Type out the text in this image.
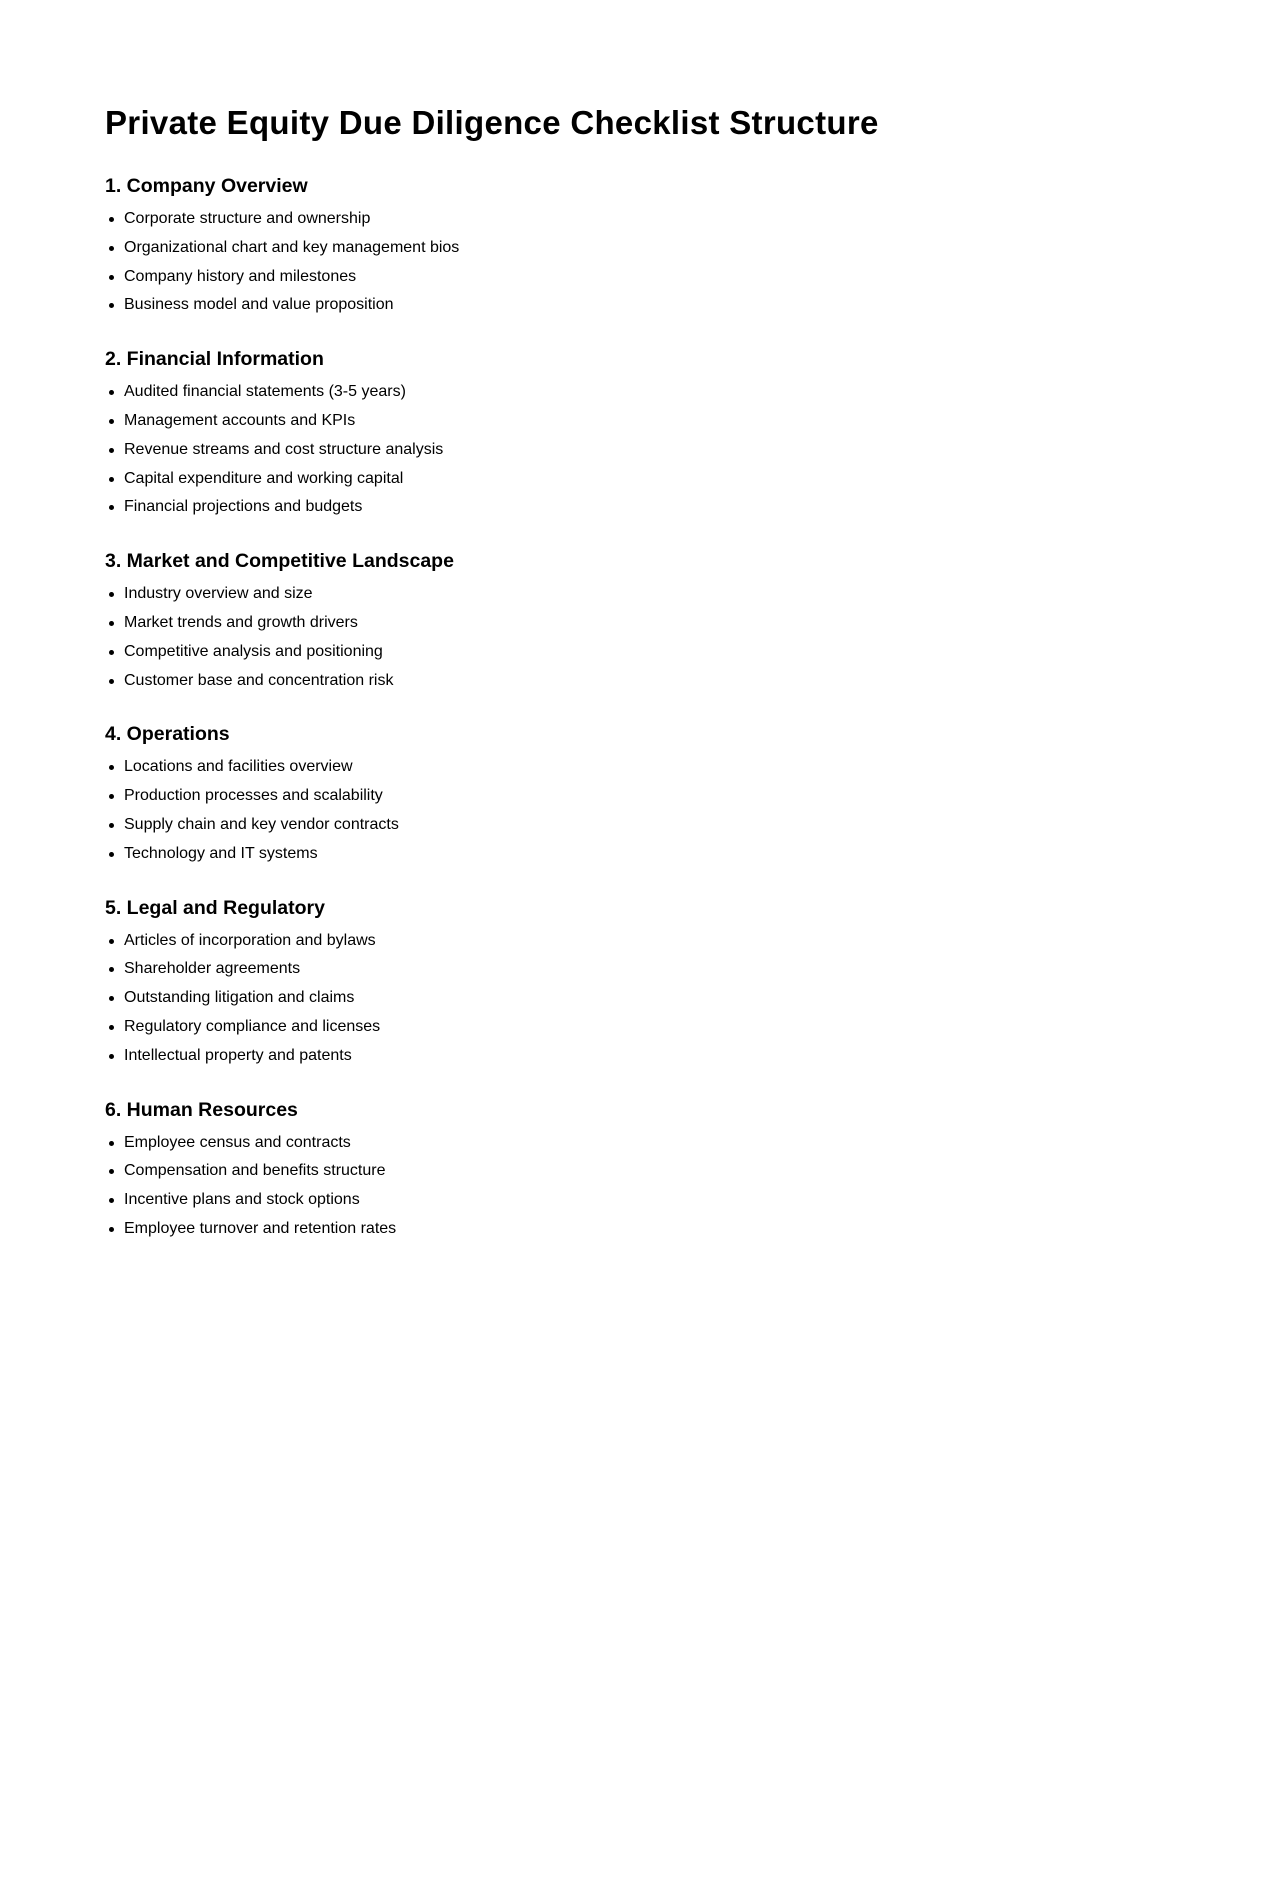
Private Equity Due Diligence Checklist Structure
1. Company Overview
Corporate structure and ownership
Organizational chart and key management bios
Company history and milestones
Business model and value proposition
2. Financial Information
Audited financial statements (3-5 years)
Management accounts and KPIs
Revenue streams and cost structure analysis
Capital expenditure and working capital
Financial projections and budgets
3. Market and Competitive Landscape
Industry overview and size
Market trends and growth drivers
Competitive analysis and positioning
Customer base and concentration risk
4. Operations
Locations and facilities overview
Production processes and scalability
Supply chain and key vendor contracts
Technology and IT systems
5. Legal and Regulatory
Articles of incorporation and bylaws
Shareholder agreements
Outstanding litigation and claims
Regulatory compliance and licenses
Intellectual property and patents
6. Human Resources
Employee census and contracts
Compensation and benefits structure
Incentive plans and stock options
Employee turnover and retention rates
